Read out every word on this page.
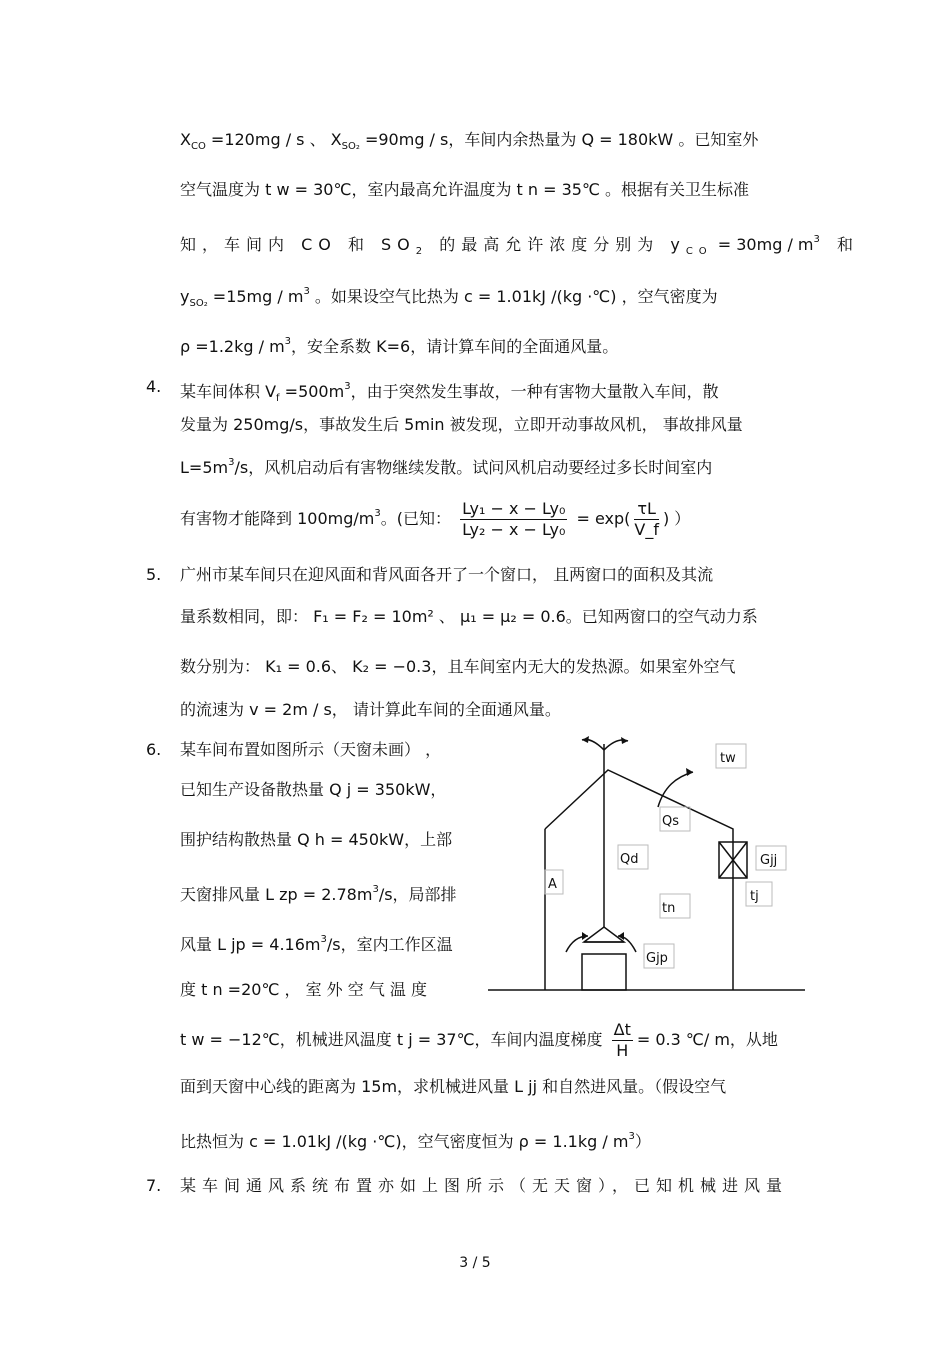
$X_{CO} =120mg / s$ 、 $X_{SO_2} =90mg / s$，车间内余热量为 Q = 180kW 。已知室外
空气温度为 t w = 30℃，室内最高允许温度为 t n = 35℃ 。根据有关卫生标准
知，车间内 CO 和 $SO_2$ 的最高允许浓度分别为 $y_{CO} = 30mg / m^3$ 和
$y_{SO_2} =15mg / m^3$ 。如果设空气比热为 c = 1.01kJ /(kg ·℃) ，空气密度为
$\rho =1.2kg / m^3$，安全系数 K=6，请计算车间的全面通风量。
4. 某车间体积 $V_f =500m^3$，由于突然发生事故，一种有害物大量散入车间，散
发量为 250mg/s，事故发生后 5min 被发现，立即开动事故风机， 事故排风量
$L=5m^3/s$，风机启动后有害物继续发散。试问风机启动要经过多长时间室内
有害物才能降到 $100mg/m^3$。(已知： $\frac{\text{Ly₁ − x − Ly₀}}{\text{Ly₂ − x − Ly₀}} = \exp( \frac{\tau L}{V\_f}$ ) ）
5. 广州市某车间只在迎风面和背风面各开了一个窗口， 且两窗口的面积及其流
量系数相同，即： F₁ = F₂ = 10m² 、 μ₁ = μ₂ = 0.6。已知两窗口的空气动力系
数分别为： K₁ = 0.6、 K₂ = −0.3，且车间室内无大的发热源。如果室外空气
的流速为 v = 2m / s， 请计算此车间的全面通风量。
6. 某车间布置如图所示（天窗未画） ，
已知生产设备散热量 Q j = 350kW，
围护结构散热量 Q h = 450kW，上部
天窗排风量 L zp = $2.78m^3/s$，局部排
风量 L jp = $4.16m^3/s$，室内工作区温
度 t n =20℃ ， 室 外 空 气 温 度
t w = −12℃，机械进风温度 t j = 37℃，车间内温度梯度 $\frac{\Delta t}{H} = 0.3$ ℃/ m，从地
面到天窗中心线的距离为 15m，求机械进风量 L jj 和自然进风量。（假设空气
比热恒为 c = 1.01kJ /(kg ·℃)，空气密度恒为 $\rho = 1.1kg / m^3$）
7. 某车间通风系统布置亦如上图所示（无天窗），已知机械进风量
tw
Qs
Qd	Gjj
A
tj
tn
Gjp
3 / 5
